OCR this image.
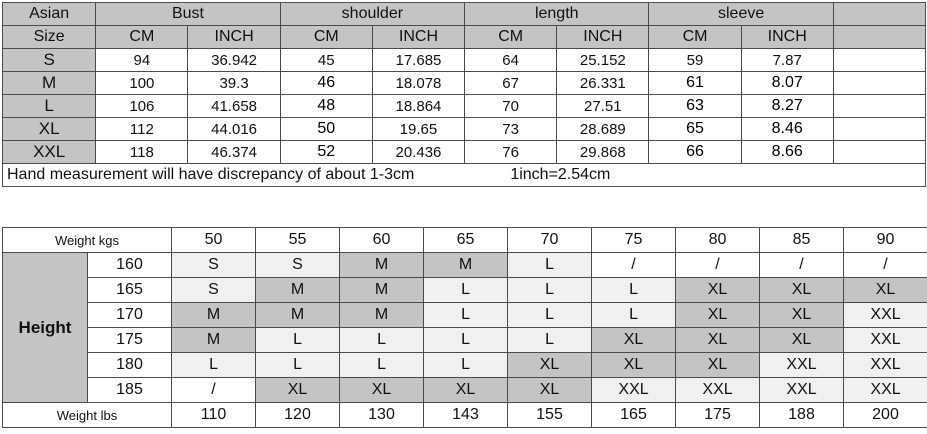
Asian	Bust		shoulder		length		sleeve		
Size	CM	INCH	CM	INCH	CM	INCH	CM	INCH	
S	94	36.942	45	17.685	64	25.152	59	7.87	
M	100	39.3	46	18.078	67	26.331	61	8.07	
L	106	41.658	48	18.864	70	27.51	63	8.27	
XL	112	44.016	50	19.65	73	28.689	65	8.46	
XXL	118	46.374	52	20.436	76	29.868	66	8.66	
Hand measurement will have discrepancy of about 1-3cm 1inch=2.54cm									
Weight kgs		50	55	60	65	70	75	80	85	90
Height	160	S	S	M	M	L	/	/	/	/
	165	S	M	M	L	L	L	XL	XL	XL
	170	M	M	M	L	L	L	XL	XL	XXL
	175	M	L	L	L	L	XL	XL	XL	XXL
	180	L	L	L	L	XL	XL	XL	XXL	XXL
	185	/	XL	XL	XL	XL	XXL	XXL	XXL	XXL
Weight lbs		110	120	130	143	155	165	175	188	200
